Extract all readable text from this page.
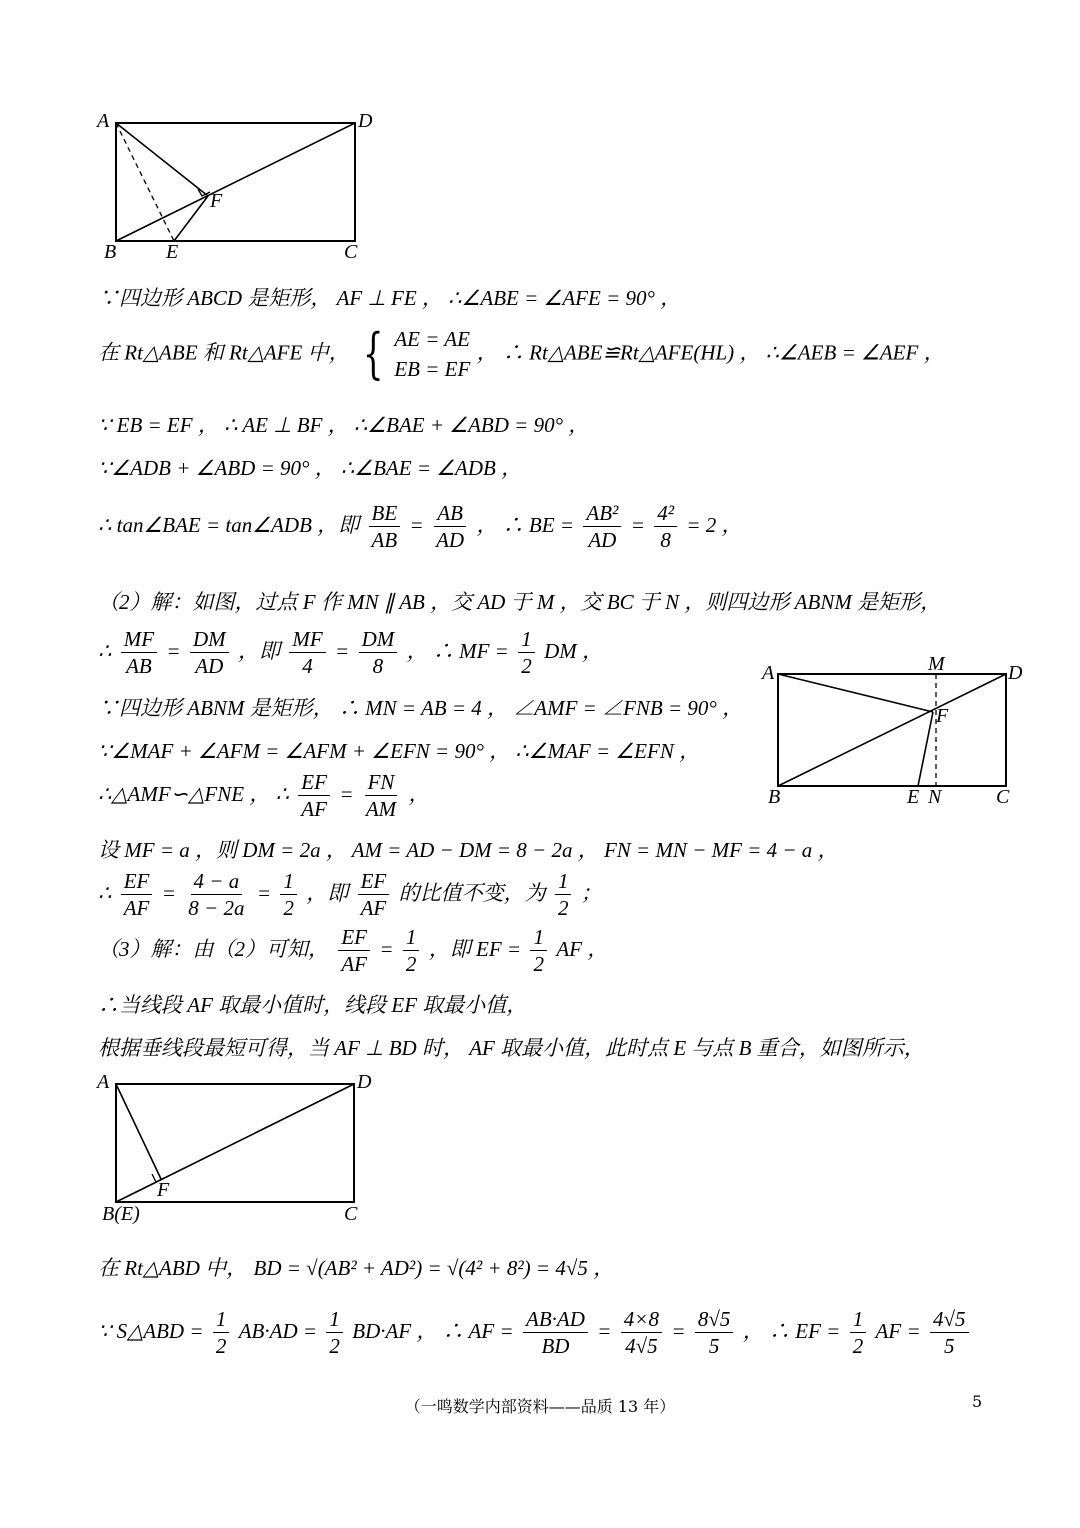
A	D
F
B E	C
∵四边形 ABCD 是矩形， AF ⊥ FE ， ∴∠ABE = ∠AFE = 90° ，
在 Rt△ABE 和 Rt△AFE 中， { AE = AE
EB = EF
， ∴ Rt△ABE≌Rt△AFE(HL) ， ∴∠AEB = ∠AEF ，
∵ EB = EF ， ∴ AE ⊥ BF ， ∴∠BAE + ∠ABD = 90° ，
∵∠ADB + ∠ABD = 90° ， ∴∠BAE = ∠ADB ，
∴ tan∠BAE = tan∠ADB ，即 $\frac{BE}{AB} = \frac{AB}{AD}$ ， ∴ BE = $\frac{\text{AB²}}{AD} = \frac{\text{4²}}{8} = 2$ ，
（2）解：如图，过点 F 作 MN ∥ AB ，交 AD 于 M ，交 BC 于 N ，则四边形 ABNM 是矩形，
∴ $\frac{MF}{AB} = \frac{DM}{AD}$ ，即 $\frac{MF}{4} = \frac{DM}{8}$ ， ∴ MF = $\frac{1}{2}$ DM ，
∵四边形 ABNM 是矩形， ∴ MN = AB = 4 ， ∠AMF = ∠FNB = 90° ，
∵∠MAF + ∠AFM = ∠AFM + ∠EFN = 90° ， ∴∠MAF = ∠EFN ，
∴△AMF∽△FNE ， ∴ $\frac{EF}{AF} = \frac{FN}{AM}$ ，
M
A	D
F
B	E N	C
设 MF = a ，则 DM = 2a ， AM = AD − DM = 8 − 2a ， FN = MN − MF = 4 − a ，
∴ $\frac{EF}{AF} = \frac{4 - a}{8 - 2a} = \frac{1}{2}$ ，即 $\frac{EF}{AF}$ 的比值不变，为 $\frac{1}{2}$ ；
（3）解：由（2）可知， $\frac{EF}{AF} = \frac{1}{2}$ ，即 EF = $\frac{1}{2}$ AF ，
∴当线段 AF 取最小值时，线段 EF 取最小值，
根据垂线段最短可得，当 AF ⊥ BD 时， AF 取最小值，此时点 E 与点 B 重合，如图所示，
A	D
F
B(E)	C
在 Rt△ABD 中， BD = √(AB² + AD²) = √(4² + 8²) = 4√5 ，
∵ S△ABD = $\frac{1}{2} AB\cdot AD = \frac{1}{2} BD\cdot AF$ ， ∴ AF = $\frac{AB\cdot AD}{BD} = \frac{4\times 8}{4√5} = \frac{8√5}{5}$ ， ∴ EF = $\frac{1}{2}$ AF = $\frac{4√5}{5}$
（一鸣数学内部资料——品质 13 年）	5
